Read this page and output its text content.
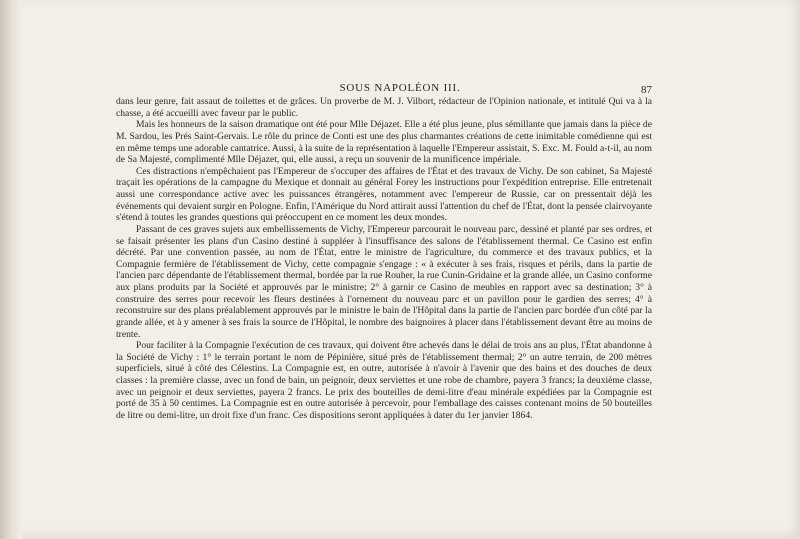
SOUS NAPOLÉON III.	87

dans leur genre, fait assaut de toilettes et de grâces. Un proverbe de M. J. Vilbort, rédacteur de l'Opinion nationale, et intitulé Qui va à la chasse, a été accueilli avec faveur par le public.

Mais les honneurs de la saison dramatique ont été pour Mlle Déjazet. Elle a été plus jeune, plus sémillante que jamais dans la pièce de M. Sardou, les Prés Saint-Gervais. Le rôle du prince de Conti est une des plus charmantes créations de cette inimitable comédienne qui est en même temps une adorable cantatrice. Aussi, à la suite de la représentation à laquelle l'Empereur assistait, S. Exc. M. Fould a-t-il, au nom de Sa Majesté, complimenté Mlle Déjazet, qui, elle aussi, a reçu un souvenir de la munificence impériale.

Ces distractions n'empêchaient pas l'Empereur de s'occuper des affaires de l'État et des travaux de Vichy. De son cabinet, Sa Majesté traçait les opérations de la campagne du Mexique et donnait au général Forey les instructions pour l'expédition entreprise. Elle entretenait aussi une correspondance active avec les puissances étrangères, notamment avec l'empereur de Russie, car on pressentait déjà les événements qui devaient surgir en Pologne. Enfin, l'Amérique du Nord attirait aussi l'attention du chef de l'État, dont la pensée clairvoyante s'étend à toutes les grandes questions qui préoccupent en ce moment les deux mondes.

Passant de ces graves sujets aux embellissements de Vichy, l'Empereur parcourait le nouveau parc, dessiné et planté par ses ordres, et se faisait présenter les plans d'un Casino destiné à suppléer à l'insuffisance des salons de l'établissement thermal. Ce Casino est enfin décrété. Par une convention passée, au nom de l'État, entre le ministre de l'agriculture, du commerce et des travaux publics, et la Compagnie fermière de l'établissement de Vichy, cette compagnie s'engage : « à exécuter à ses frais, risques et périls, dans la partie de l'ancien parc dépendante de l'établissement thermal, bordée par la rue Rouher, la rue Cunin-Gridaine et la grande allée, un Casino conforme aux plans produits par la Société et approuvés par le ministre; 2° à garnir ce Casino de meubles en rapport avec sa destination; 3° à construire des serres pour recevoir les fleurs destinées à l'ornement du nouveau parc et un pavillon pour le gardien des serres; 4° à reconstruire sur des plans préalablement approuvés par le ministre le bain de l'Hôpital dans la partie de l'ancien parc bordée d'un côté par la grande allée, et à y amener à ses frais la source de l'Hôpital, le nombre des baignoires à placer dans l'établissement devant être au moins de trente.

Pour faciliter à la Compagnie l'exécution de ces travaux, qui doivent être achevés dans le délai de trois ans au plus, l'État abandonne à la Société de Vichy : 1° le terrain portant le nom de Pépinière, situé près de l'établissement thermal; 2° un autre terrain, de 200 mètres superficiels, situé à côté des Célestins. La Compagnie est, en outre, autorisée à n'avoir à l'avenir que des bains et des douches de deux classes : la première classe, avec un fond de bain, un peignoir, deux serviettes et une robe de chambre, payera 3 francs; la deuxième classe, avec un peignoir et deux serviettes, payera 2 francs. Le prix des bouteilles de demi-litre d'eau minérale expédiées par la Compagnie est porté de 35 à 50 centimes. La Compagnie est en outre autorisée à percevoir, pour l'emballage des caisses contenant moins de 50 bouteilles de litre ou demi-litre, un droit fixe d'un franc. Ces dispositions seront appliquées à dater du 1er janvier 1864.
